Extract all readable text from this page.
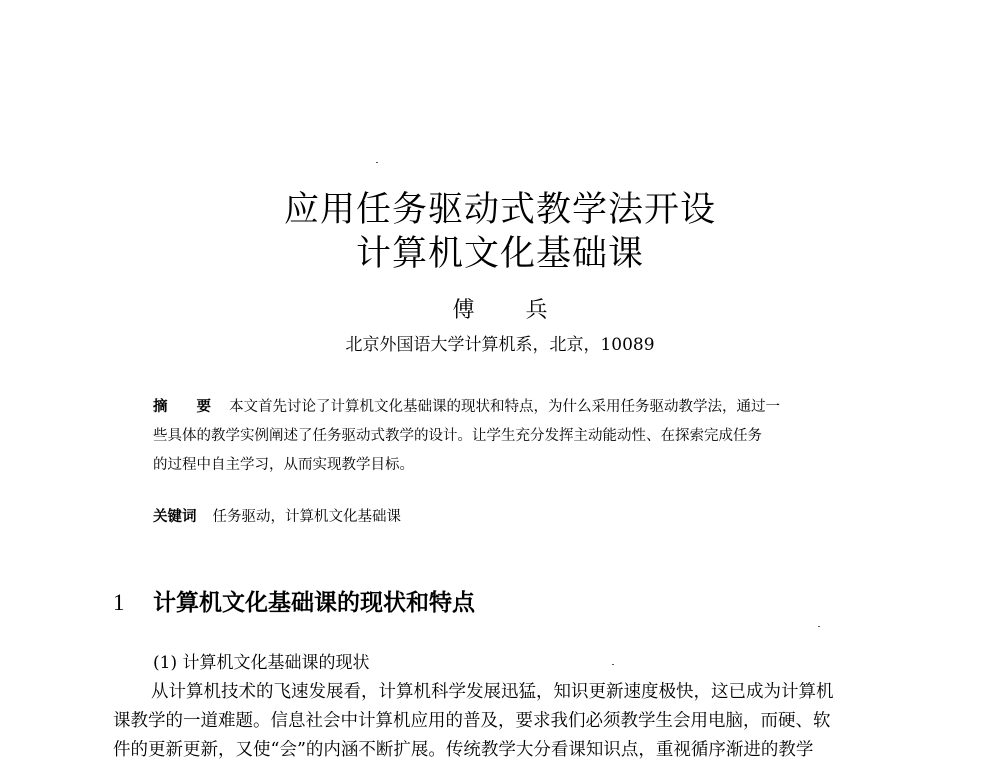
应用任务驱动式教学法开设
计算机文化基础课
傅 兵
北京外国语大学计算机系，北京，10089
摘 要 本文首先讨论了计算机文化基础课的现状和特点，为什么采用任务驱动教学法，通过一
些具体的教学实例阐述了任务驱动式教学的设计。让学生充分发挥主动能动性、在探索完成任务
的过程中自主学习，从而实现教学目标。
关键词 任务驱动，计算机文化基础课
1 计算机文化基础课的现状和特点
(1) 计算机文化基础课的现状
从计算机技术的飞速发展看，计算机科学发展迅猛，知识更新速度极快，这已成为计算机
课教学的一道难题。信息社会中计算机应用的普及，要求我们必须教学生会用电脑，而硬、软
件的更新更新，又使“会”的内涵不断扩展。传统教学大分看课知识点，重视循序渐进的教学
